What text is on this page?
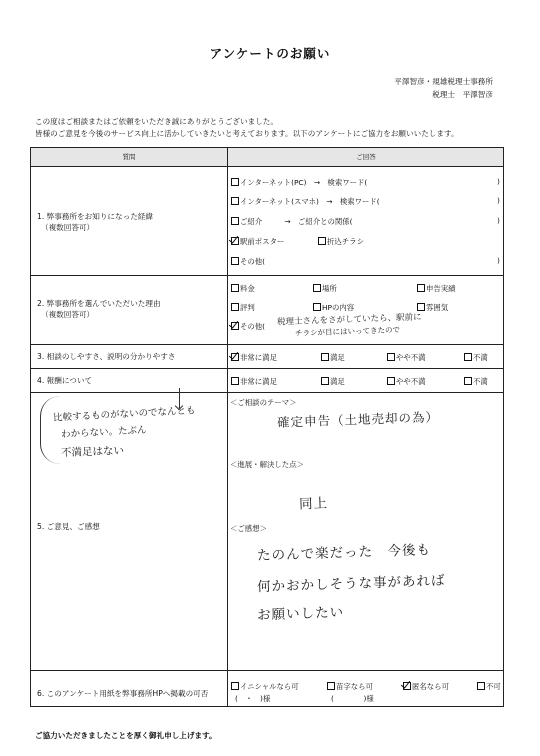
アンケートのお願い
平澤智彦・規雄税理士事務所
税理士　平澤智彦
この度はご相談またはご依頼をいただき誠にありがとうございました。
皆様のご意見を今後のサービス向上に活かしていきたいと考えております。以下のアンケートにご協力をお願いいたします。
質問	ご回答
1. 弊事務所をお知りになった経緯
（複数回答可）
インターネット(PC)　→　検索ワード(	)
インターネット(スマホ)　→　検索ワード(	)
ご紹介　　　→　ご紹介との関係(	)
駅前ポスター	折込チラシ
その他(	)
2. 弊事務所を選んでいただいた理由
（複数回答可）
料金	場所	申告実績
評判	HPの内容	雰囲気
その他( 税理士さんをさがしていたら、駅前に
チラシが目にはいってきたので
3. 相談のしやすさ、説明の分かりやすさ	非常に満足	満足	やや不満	不満
4. 報酬について	非常に満足	満足	やや不満	不満
5. ご意見、ご感想
比較するものがないのでなんとも
わからない。たぶん
不満足はない
＜ご相談のテーマ＞
確定申告（土地売却の為）
＜進展・解決した点＞
同上
＜ご感想＞
たのんで楽だった　今後も
何かおかしそうな事があれば
お願いしたい
6. このアンケート用紙を弊事務所HPへ掲載の可否
イニシャルなら可
(　・　)様
苗字なら可
(　　　　)様
匿名なら可	不可
ご協力いただきましたことを厚く御礼申し上げます。
